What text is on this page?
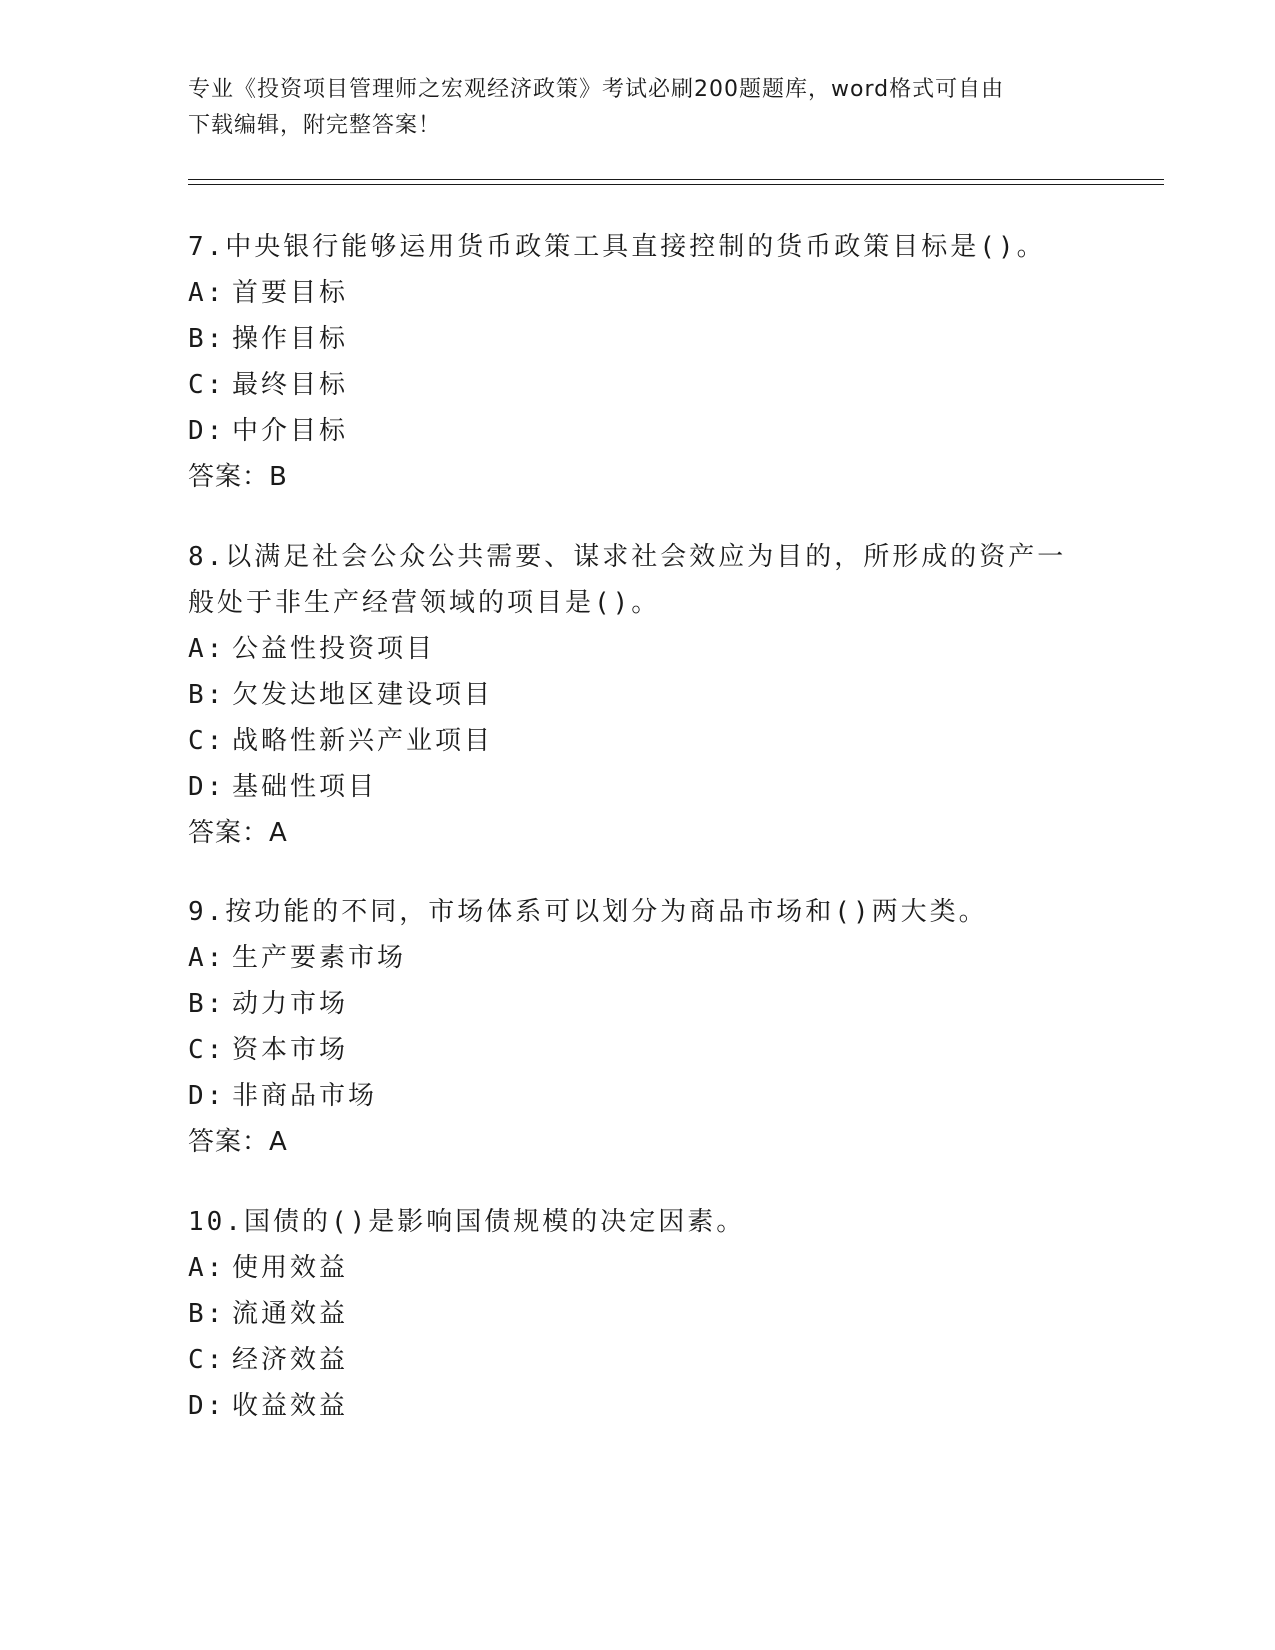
专业《投资项目管理师之宏观经济政策》考试必刷200题题库，word格式可自由
下载编辑，附完整答案！
7.中央银行能够运用货币政策工具直接控制的货币政策目标是()。
A: 首要目标
B: 操作目标
C: 最终目标
D: 中介目标
答案：B
8.以满足社会公众公共需要、谋求社会效应为目的，所形成的资产一
般处于非生产经营领域的项目是()。
A: 公益性投资项目
B: 欠发达地区建设项目
C: 战略性新兴产业项目
D: 基础性项目
答案：A
9.按功能的不同，市场体系可以划分为商品市场和()两大类。
A: 生产要素市场
B: 动力市场
C: 资本市场
D: 非商品市场
答案：A
10.国债的()是影响国债规模的决定因素。
A: 使用效益
B: 流通效益
C: 经济效益
D: 收益效益
